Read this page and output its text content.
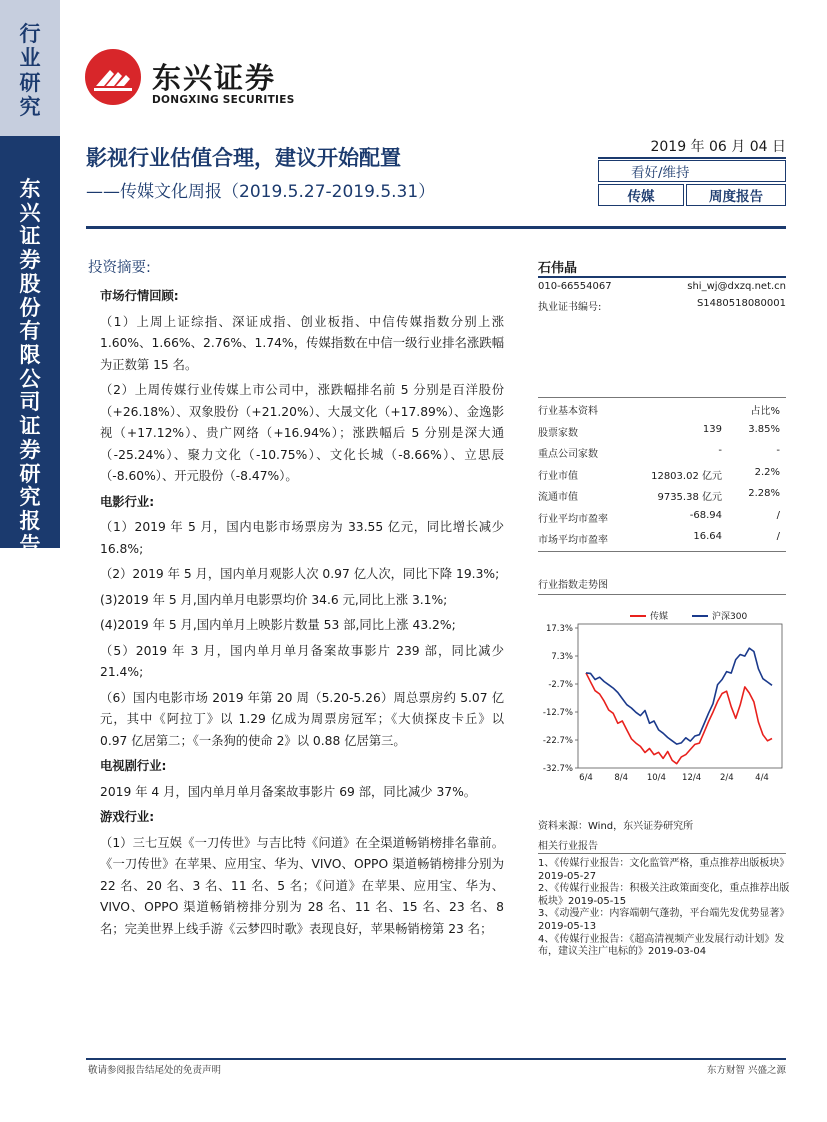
行
业
研
究
东
兴
证
券
股
份
有
限
公
司
证
券
研
究
报
告
东兴证券
DONGXING SECURITIES
影视行业估值合理，建议开始配置
——传媒文化周报（2019.5.27-2019.5.31）
2019 年 06 月 04 日
看好/维持
传媒	周度报告
投资摘要:
市场行情回顾:
（1）上周上证综指、深证成指、创业板指、中信传媒指数分别上涨 1.60%、1.66%、2.76%、1.74%，传媒指数在中信一级行业排名涨跌幅为正数第 15 名。
（2）上周传媒行业传媒上市公司中，涨跌幅排名前 5 分别是百洋股份（+26.18%）、双象股份（+21.20%）、大晟文化（+17.89%）、金逸影视（+17.12%）、贵广网络（+16.94%）；涨跌幅后 5 分别是深大通（-25.24%）、聚力文化（-10.75%）、文化长城（-8.66%）、立思辰（-8.60%）、开元股份（-8.47%）。
电影行业:
（1）2019 年 5 月，国内电影市场票房为 33.55 亿元，同比增长减少 16.8%;
（2）2019 年 5 月，国内单月观影人次 0.97 亿人次，同比下降 19.3%;
(3)2019 年 5 月,国内单月电影票均价 34.6 元,同比上涨 3.1%;
(4)2019 年 5 月,国内单月上映影片数量 53 部,同比上涨 43.2%;
（5）2019 年 3 月，国内单月单月备案故事影片 239 部，同比减少 21.4%;
（6）国内电影市场 2019 年第 20 周（5.20-5.26）周总票房约 5.07 亿元，其中《阿拉丁》以 1.29 亿成为周票房冠军；《大侦探皮卡丘》以 0.97 亿居第二；《一条狗的使命 2》以 0.88 亿居第三。
电视剧行业:
2019 年 4 月，国内单月单月备案故事影片 69 部，同比减少 37%。
游戏行业:
（1）三七互娱《一刀传世》与吉比特《问道》在全渠道畅销榜排名靠前。《一刀传世》在苹果、应用宝、华为、VIVO、OPPO 渠道畅销榜排分别为 22 名、20 名、3 名、11 名、5 名；《问道》在苹果、应用宝、华为、VIVO、OPPO 渠道畅销榜排分别为 28 名、11 名、15 名、23 名、8 名；完美世界上线手游《云梦四时歌》表现良好，苹果畅销榜第 23 名；
石伟晶
010-66554067	shi_wj@dxzq.net.cn
执业证书编号:	S1480518080001
行业基本资料	占比%
股票家数	139	3.85%
重点公司家数	-	-
行业市值	12803.02 亿元	2.2%
流通市值	9735.38 亿元	2.28%
行业平均市盈率	-68.94	/
市场平均市盈率	16.64	/
行业指数走势图
传媒	沪深300
17.3%
7.3%
-2.7%
-12.7%
-22.7%
-32.7%
6/4	8/4 10/4 12/4 2/4	4/4
资料来源：Wind，东兴证券研究所
相关行业报告
1、《传媒行业报告：文化监管严格，重点推荐出版板块》2019-05-27
2、《传媒行业报告：积极关注政策面变化，重点推荐出版板块》2019-05-15
3、《动漫产业：内容端朝气蓬勃，平台端先发优势显著》2019-05-13
4、《传媒行业报告：《超高清视频产业发展行动计划》发布，建议关注广电标的》2019-03-04
敬请参阅报告结尾处的免责声明	东方财智 兴盛之源
